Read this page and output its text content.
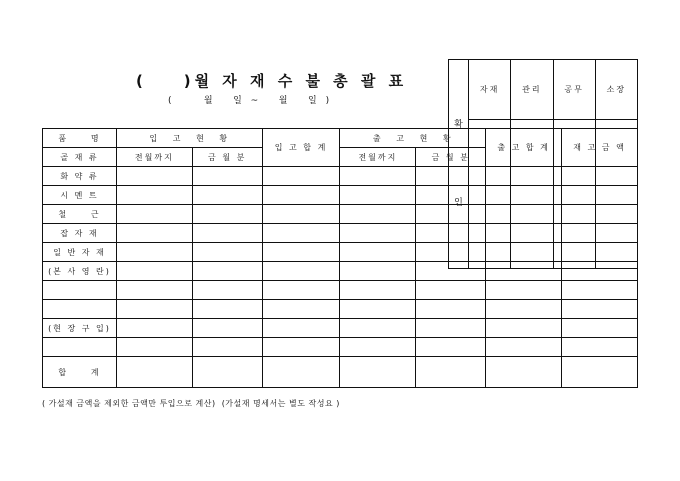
(    )월 자 재 수 불 총 괄 표
(     월   일 ~   월   일 )

확

인	자재	관리	공무	소장

품     명	입   고   현   황		입 고 합 계	출   고   현   황		출 고 합 계	재 고 금 액
골 재 류	전월까지	금 월 분		전월까지	금 월 분		
화 약 류							
시 멘 트							
철     근							
잡 자 재							
일 반 자 재							
(본 사 영 란)							

(현 장 구 입)							

합     계							
( 가설재 금액을 제외한 금액만 투입으로 계산)  (가설재 명세서는 별도 작성요 )
